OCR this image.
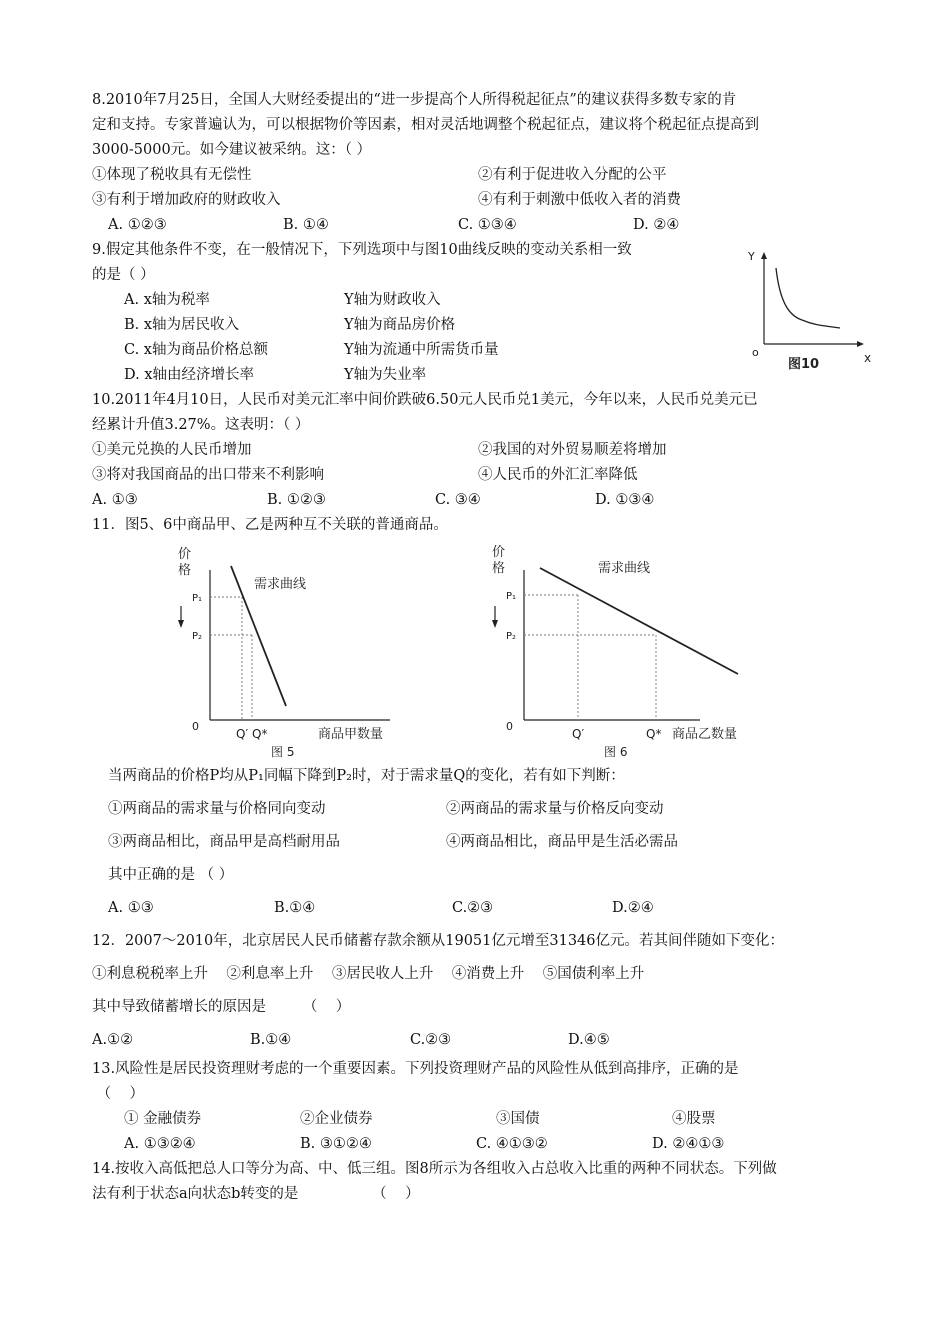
8.2010年7月25日，全国人大财经委提出的“进一步提高个人所得税起征点”的建议获得多数专家的肯
定和支持。专家普遍认为，可以根据物价等因素，相对灵活地调整个税起征点，建议将个税起征点提高到
3000-5000元。如今建议被采纳。这：（ ）
①体现了税收具有无偿性	②有利于促进收入分配的公平
③有利于增加政府的财政收入	④有利于刺激中低收入者的消费
A. ①②③	B. ①④	C. ①③④	D. ②④
9.假定其他条件不变，在一般情况下，下列选项中与图10曲线反映的变动关系相一致
的是（ ）
A. x轴为税率	Y轴为财政收入
B. x轴为居民收入	Y轴为商品房价格
C. x轴为商品价格总额	Y轴为流通中所需货币量
D. x轴由经济增长率	Y轴为失业率
Y
x
o
图10
10.2011年4月10日，人民币对美元汇率中间价跌破6.50元人民币兑1美元，今年以来，人民币兑美元已
经累计升值3.27%。这表明：（ ）
①美元兑换的人民币增加	②我国的对外贸易顺差将增加
③将对我国商品的出口带来不利影响	④人民币的外汇汇率降低
A. ①③	B. ①②③	C. ③④	D. ①③④
11．图5、6中商品甲、乙是两种互不关联的普通商品。
价
格
需求曲线
P₁
P₂
0
Q′ Q*	商品甲数量
图 5
价
格	需求曲线
P₁
P₂
0
Q′	Q* 商品乙数量
图 6
当两商品的价格P均从P₁同幅下降到P₂时，对于需求量Q的变化，若有如下判断：
①两商品的需求量与价格同向变动	②两商品的需求量与价格反向变动
③两商品相比，商品甲是高档耐用品	④两商品相比，商品甲是生活必需品
其中正确的是 （ ）
A. ①③	B.①④	C.②③	D.②④
12．2007～2010年，北京居民人民币储蓄存款余额从19051亿元增至31346亿元。若其间伴随如下变化：
①利息税税率上升    ②利息率上升    ③居民收人上升    ④消费上升    ⑤国债利率上升
其中导致储蓄增长的原因是        （    ）
A.①②	B.①④	C.②③	D.④⑤
13.风险性是居民投资理财考虑的一个重要因素。下列投资理财产品的风险性从低到高排序，正确的是
（    ）
① 金融债券	②企业债券	③国债	④股票
A. ①③②④	B. ③①②④	C. ④①③②	D. ②④①③
14.按收入高低把总人口等分为高、中、低三组。图8所示为各组收入占总收入比重的两种不同状态。下列做
法有利于状态a向状态b转变的是                （    ）
